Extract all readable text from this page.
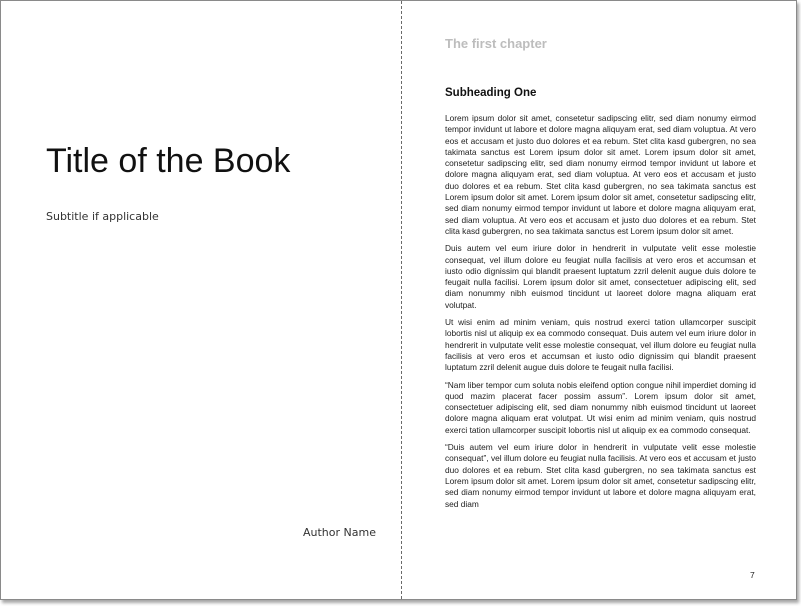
Title of the Book
Subtitle if applicable
Author Name
The first chapter
Subheading One

Lorem ipsum dolor sit amet, consetetur sadipscing elitr, sed diam nonumy eirmod tempor invidunt ut labore et dolore magna aliquyam erat, sed diam voluptua. At vero eos et accusam et justo duo dolores et ea rebum. Stet clita kasd gubergren, no sea takimata sanctus est Lorem ipsum dolor sit amet. Lorem ipsum dolor sit amet, consetetur sadipscing elitr, sed diam nonumy eirmod tempor invidunt ut labore et dolore magna aliquyam erat, sed diam voluptua. At vero eos et accusam et justo duo dolores et ea rebum. Stet clita kasd gubergren, no sea takimata sanctus est Lorem ipsum dolor sit amet. Lorem ipsum dolor sit amet, consetetur sadipscing elitr, sed diam nonumy eirmod tempor invidunt ut labore et dolore magna aliquyam erat, sed diam voluptua. At vero eos et accusam et justo duo dolores et ea rebum. Stet clita kasd gubergren, no sea takimata sanctus est Lorem ipsum dolor sit amet.

Duis autem vel eum iriure dolor in hendrerit in vulputate velit esse molestie consequat, vel illum dolore eu feugiat nulla facilisis at vero eros et accumsan et iusto odio dignissim qui blandit praesent luptatum zzril delenit augue duis dolore te feugait nulla facilisi. Lorem ipsum dolor sit amet, consectetuer adipiscing elit, sed diam nonummy nibh euismod tincidunt ut laoreet dolore magna aliquam erat volutpat.

Ut wisi enim ad minim veniam, quis nostrud exerci tation ullamcorper suscipit lobortis nisl ut aliquip ex ea commodo consequat. Duis autem vel eum iriure dolor in hendrerit in vulputate velit esse molestie consequat, vel illum dolore eu feugiat nulla facilisis at vero eros et accumsan et iusto odio dignissim qui blandit praesent luptatum zzril delenit augue duis dolore te feugait nulla facilisi.

“Nam liber tempor cum soluta nobis eleifend option congue nihil imperdiet doming id quod mazim placerat facer possim assum”. Lorem ipsum dolor sit amet, consectetuer adipiscing elit, sed diam nonummy nibh euismod tincidunt ut laoreet dolore magna aliquam erat volutpat. Ut wisi enim ad minim veniam, quis nostrud exerci tation ullamcorper suscipit lobortis nisl ut aliquip ex ea commodo consequat.

“Duis autem vel eum iriure dolor in hendrerit in vulputate velit esse molestie consequat”, vel illum dolore eu feugiat nulla facilisis. At vero eos et accusam et justo duo dolores et ea rebum. Stet clita kasd gubergren, no sea takimata sanctus est Lorem ipsum dolor sit amet. Lorem ipsum dolor sit amet, consetetur sadipscing elitr, sed diam nonumy eirmod tempor invidunt ut labore et dolore magna aliquyam erat, sed diam

7
